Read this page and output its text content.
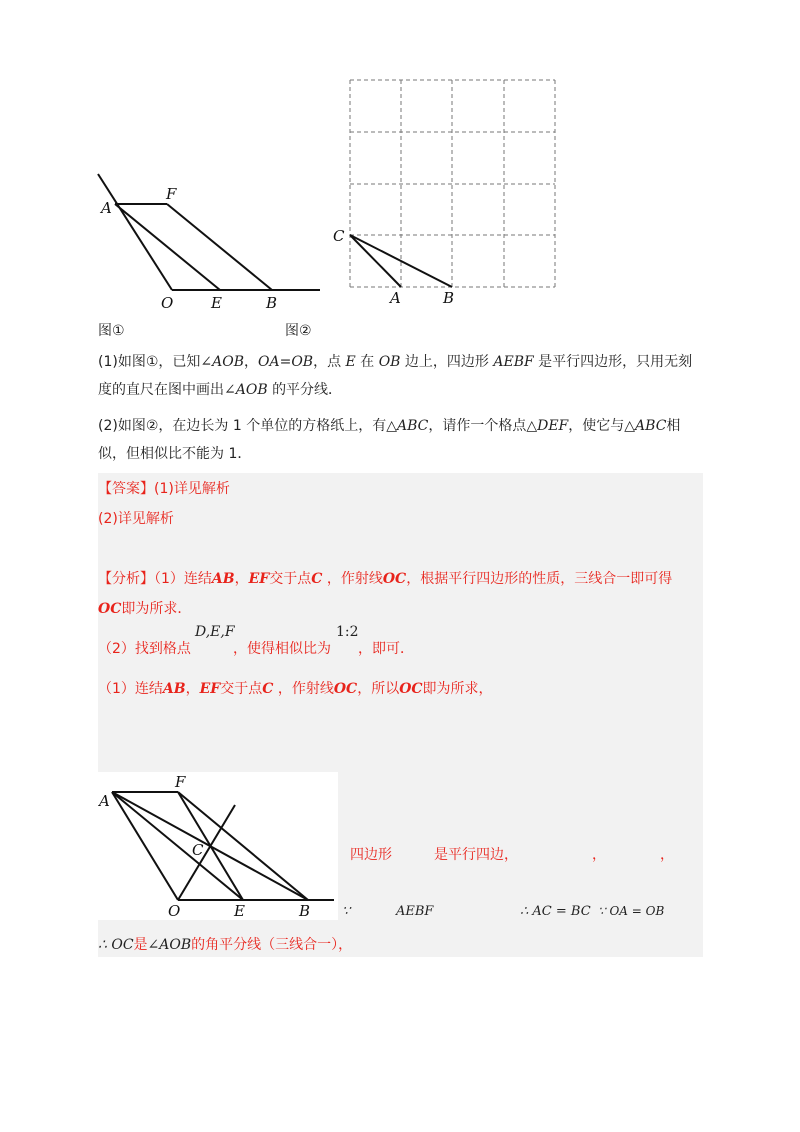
A
F
O	E	B
图①
C
A	B
图②
(1)如图①，已知∠AOB，OA=OB，点 E 在 OB 边上，四边形 AEBF 是平行四边形，只用无刻度的直尺在图中画出∠AOB 的平分线．
(2)如图②，在边长为 1 个单位的方格纸上，有△ABC，请作一个格点△DEF，使它与△ABC相似，但相似比不能为 1．
【答案】(1)详见解析
(2)详见解析
【分析】（1）连结AB，EF交于点C ，作射线OC，根据平行四边形的性质，三线合一即可得
OC即为所求．
（2）找到格点
D,E,F
，使得相似比为
1:2
，即可．
（1）连结AB，EF交于点C ，作射线OC，所以OC即为所求，
A
F
C
O	E	B
四边形	是平行四边，	，	，
∵	AEBF	∴ AC = BC ∵ OA = OB
∴ OC是∠AOB的角平分线（三线合一），
